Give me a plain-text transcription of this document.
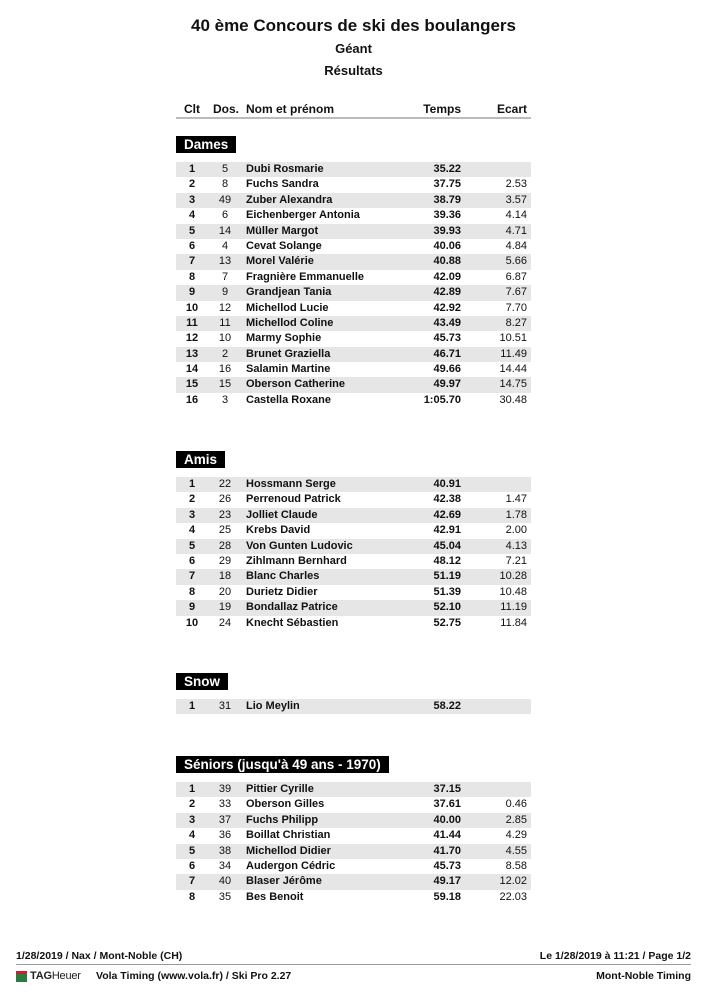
40 ème Concours de ski des boulangers
Géant
Résultats
Clt Dos. Nom et prénom	Temps	Ecart
Dames
1	5	Dubi Rosmarie	35.22
2	8	Fuchs Sandra	37.75	2.53
3	49	Zuber Alexandra	38.79	3.57
4	6	Eichenberger Antonia	39.36	4.14
5	14	Müller Margot	39.93	4.71
6	4	Cevat Solange	40.06	4.84
7	13	Morel Valérie	40.88	5.66
8	7	Fragnière Emmanuelle	42.09	6.87
9	9	Grandjean Tania	42.89	7.67
10	12	Michellod Lucie	42.92	7.70
11	11	Michellod Coline	43.49	8.27
12	10	Marmy Sophie	45.73	10.51
13	2	Brunet Graziella	46.71	11.49
14	16	Salamin Martine	49.66	14.44
15	15	Oberson Catherine	49.97	14.75
16	3	Castella Roxane	1:05.70	30.48
Amis
1	22	Hossmann Serge	40.91
2	26	Perrenoud Patrick	42.38	1.47
3	23	Jolliet Claude	42.69	1.78
4	25	Krebs David	42.91	2.00
5	28	Von Gunten Ludovic	45.04	4.13
6	29	Zihlmann Bernhard	48.12	7.21
7	18	Blanc Charles	51.19	10.28
8	20	Durietz Didier	51.39	10.48
9	19	Bondallaz Patrice	52.10	11.19
10	24	Knecht Sébastien	52.75	11.84
Snow
1	31	Lio Meylin	58.22
Séniors (jusqu'à 49 ans - 1970)
1	39	Pittier Cyrille	37.15
2	33	Oberson Gilles	37.61	0.46
3	37	Fuchs Philipp	40.00	2.85
4	36	Boillat Christian	41.44	4.29
5	38	Michellod Didier	41.70	4.55
6	34	Audergon Cédric	45.73	8.58
7	40	Blaser Jérôme	49.17	12.02
8	35	Bes Benoit	59.18	22.03
1/28/2019 / Nax / Mont-Noble (CH)	Le 1/28/2019 à 11:21 / Page 1/2
TAGHeuer Vola Timing (www.vola.fr) / Ski Pro 2.27	Mont-Noble Timing
